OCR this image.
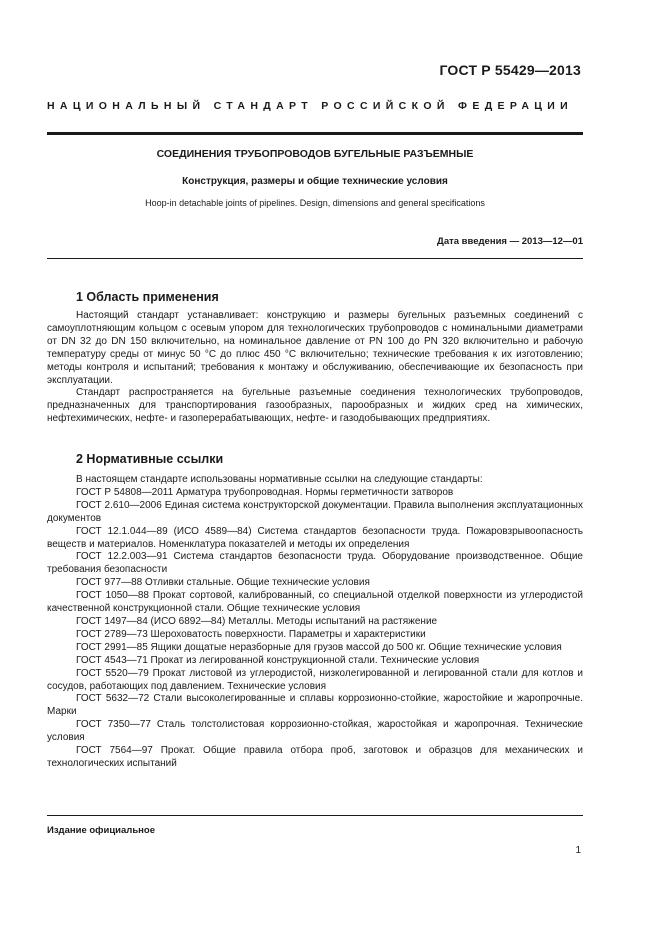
ГОСТ Р 55429—2013
НАЦИОНАЛЬНЫЙ СТАНДАРТ РОССИЙСКОЙ ФЕДЕРАЦИИ
СОЕДИНЕНИЯ ТРУБОПРОВОДОВ БУГЕЛЬНЫЕ РАЗЪЕМНЫЕ
Конструкция, размеры и общие технические условия
Hoop-in detachable joints of pipelines. Design, dimensions and general specifications
Дата введения — 2013—12—01
1 Область применения

Настоящий стандарт устанавливает: конструкцию и размеры бугельных разъемных соединений с самоуплотняющим кольцом с осевым упором для технологических трубопроводов с номинальными диаметрами от DN 32 до DN 150 включительно, на номинальное давление от PN 100 до PN 320 включительно и рабочую температуру среды от минус 50 °С до плюс 450 °С включительно; технические требования к их изготовлению; методы контроля и испытаний; требования к монтажу и обслуживанию, обеспечивающие их безопасность при эксплуатации.

Стандарт распространяется на бугельные разъемные соединения технологических трубопроводов, предназначенных для транспортирования газообразных, парообразных и жидких сред на химических, нефтехимических, нефте- и газоперерабатывающих, нефте- и газодобывающих предприятиях.

2 Нормативные ссылки

В настоящем стандарте использованы нормативные ссылки на следующие стандарты:

ГОСТ Р 54808—2011 Арматура трубопроводная. Нормы герметичности затворов

ГОСТ 2.610—2006 Единая система конструкторской документации. Правила выполнения эксплуатационных документов

ГОСТ 12.1.044—89 (ИСО 4589—84) Система стандартов безопасности труда. Пожаровзрывоопасность веществ и материалов. Номенклатура показателей и методы их определения

ГОСТ 12.2.003—91 Система стандартов безопасности труда. Оборудование производственное. Общие требования безопасности

ГОСТ 977—88 Отливки стальные. Общие технические условия

ГОСТ 1050—88 Прокат сортовой, калиброванный, со специальной отделкой поверхности из углеродистой качественной конструкционной стали. Общие технические условия

ГОСТ 1497—84 (ИСО 6892—84) Металлы. Методы испытаний на растяжение

ГОСТ 2789—73 Шероховатость поверхности. Параметры и характеристики

ГОСТ 2991—85 Ящики дощатые неразборные для грузов массой до 500 кг. Общие технические условия

ГОСТ 4543—71 Прокат из легированной конструкционной стали. Технические условия

ГОСТ 5520—79 Прокат листовой из углеродистой, низколегированной и легированной стали для котлов и сосудов, работающих под давлением. Технические условия

ГОСТ 5632—72 Стали высоколегированные и сплавы коррозионно-стойкие, жаростойкие и жаропрочные. Марки

ГОСТ 7350—77 Сталь толстолистовая коррозионно-стойкая, жаростойкая и жаропрочная. Технические условия

ГОСТ 7564—97 Прокат. Общие правила отбора проб, заготовок и образцов для механических и технологических испытаний

Издание официальное
1
